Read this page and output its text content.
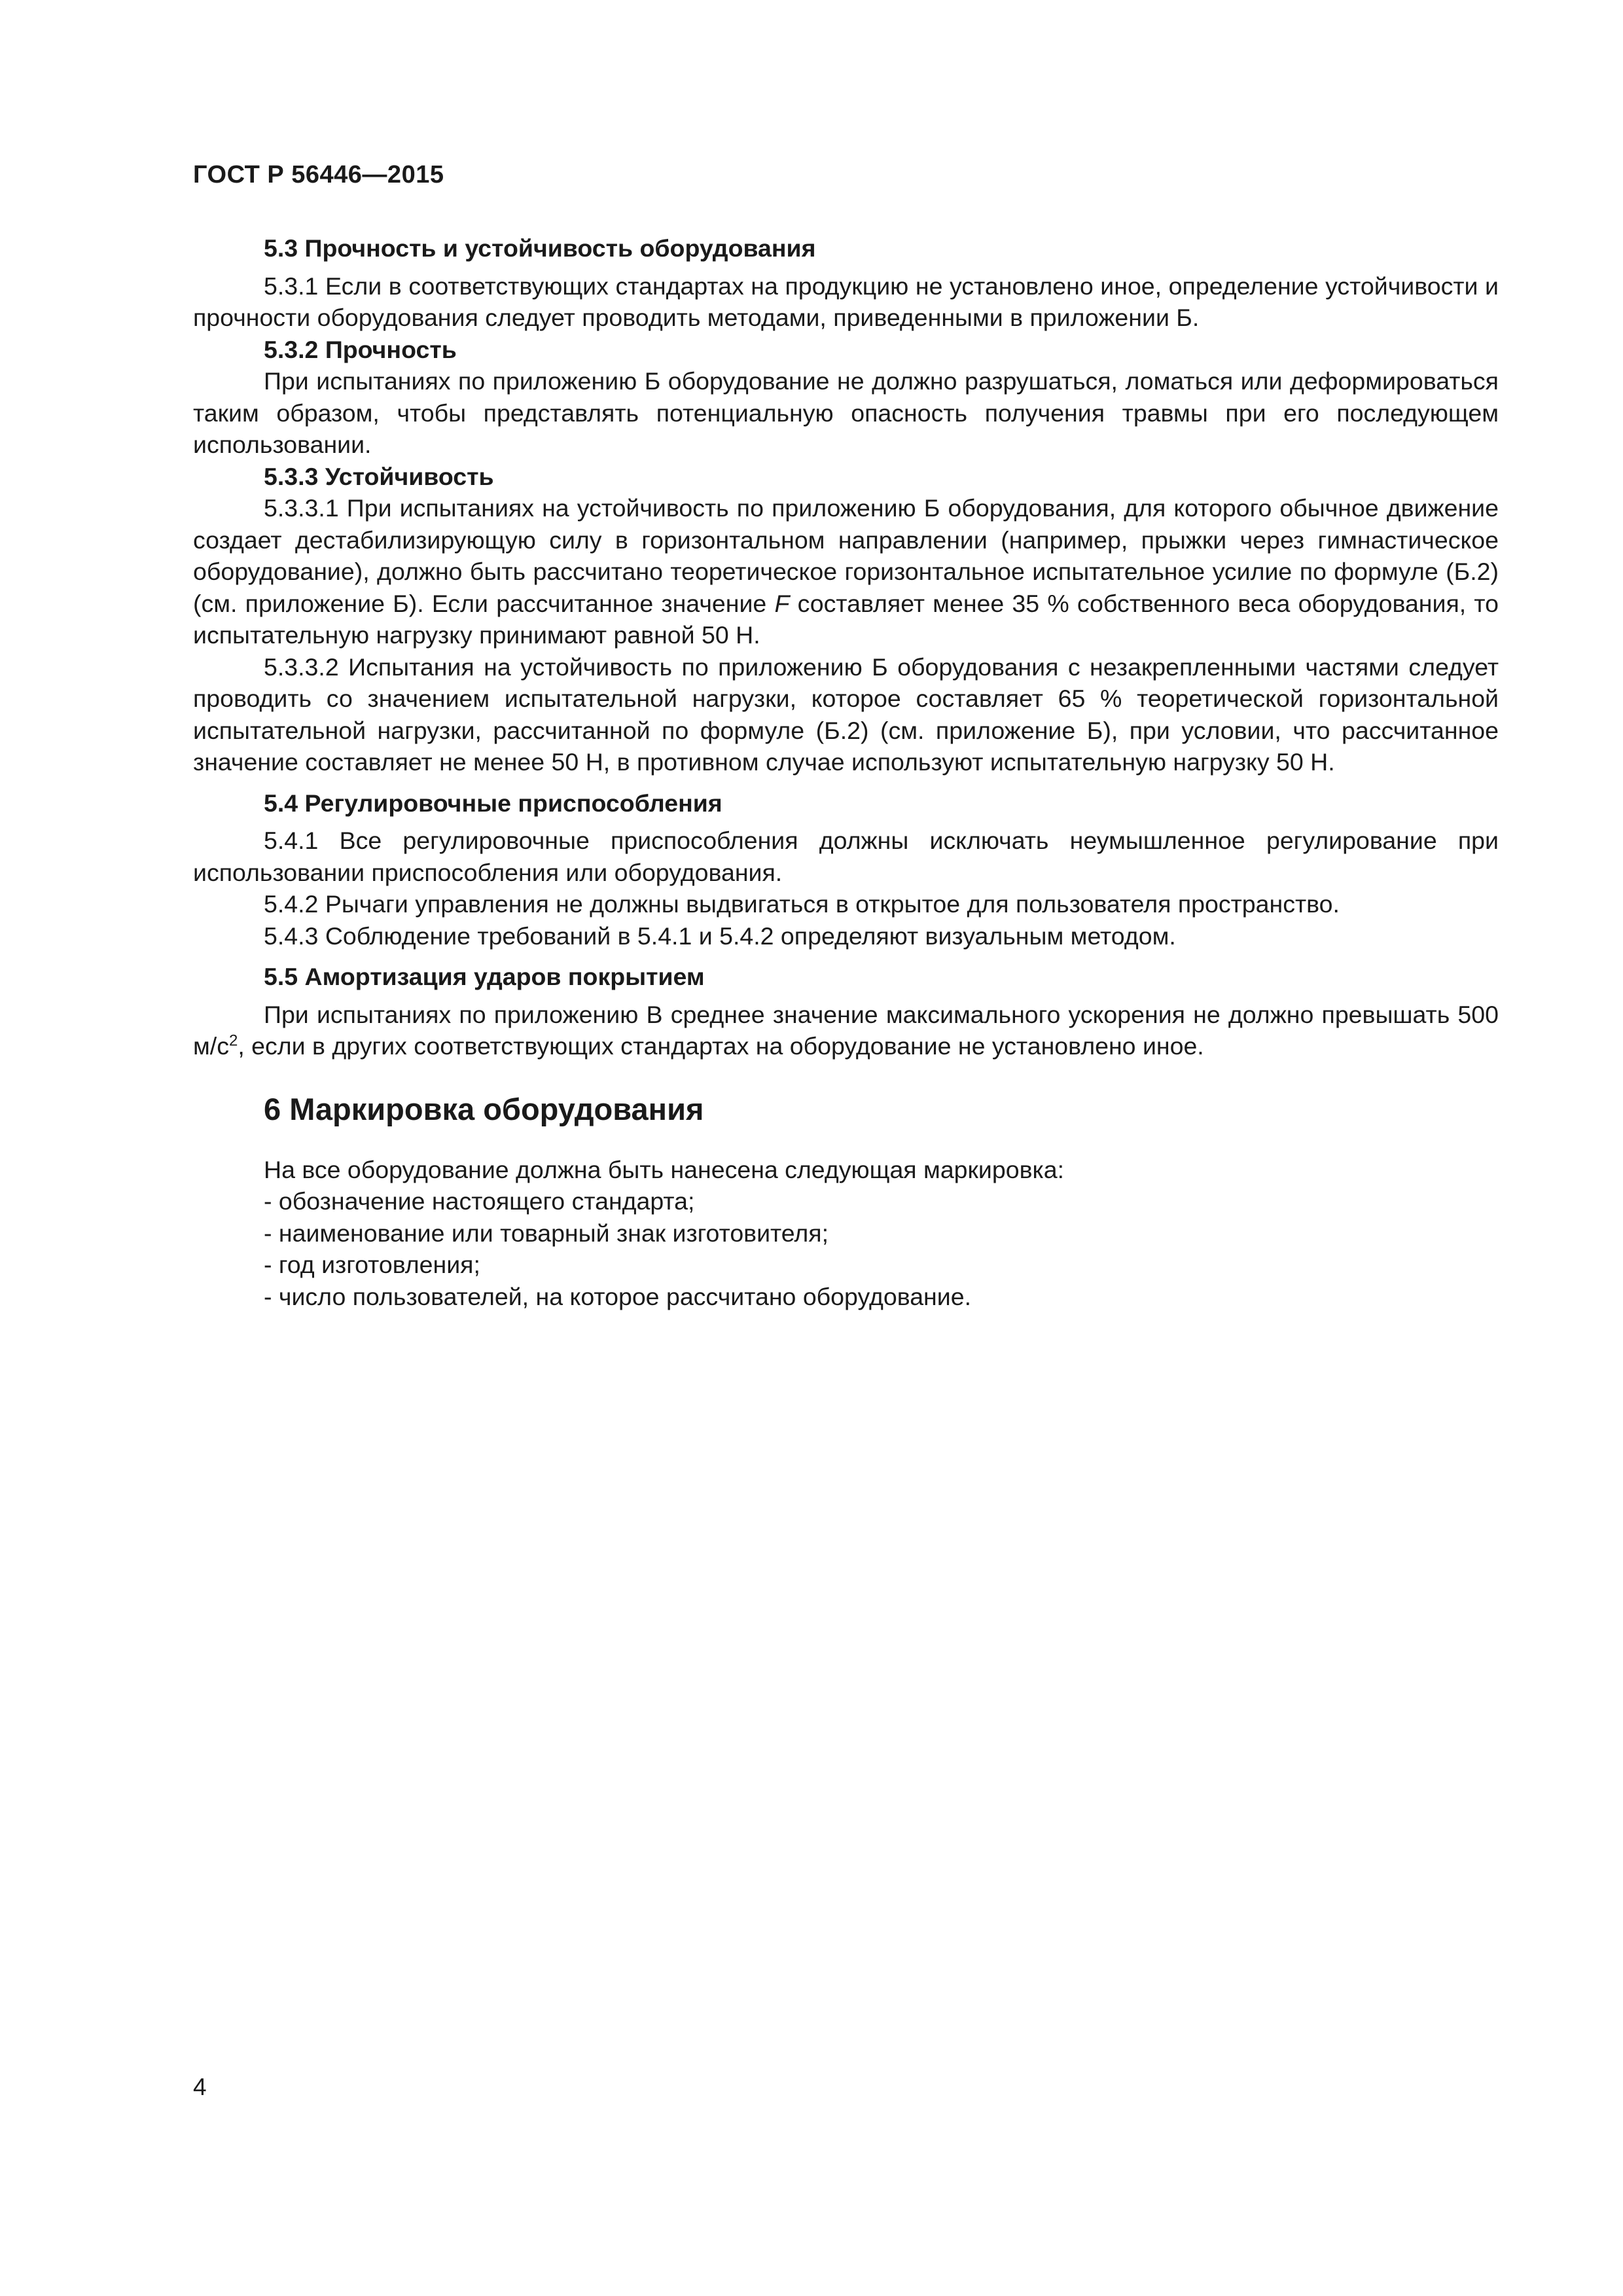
ГОСТ Р 56446—2015

5.3 Прочность и устойчивость оборудования

5.3.1 Если в соответствующих стандартах на продукцию не установлено иное, определение устойчивости и прочности оборудования следует проводить методами, приведенными в приложении Б.

5.3.2 Прочность

При испытаниях по приложению Б оборудование не должно разрушаться, ломаться или деформироваться таким образом, чтобы представлять потенциальную опасность получения травмы при его последующем использовании.

5.3.3 Устойчивость

5.3.3.1 При испытаниях на устойчивость по приложению Б оборудования, для которого обычное движение создает дестабилизирующую силу в горизонтальном направлении (например, прыжки через гимнастическое оборудование), должно быть рассчитано теоретическое горизонтальное испытательное усилие по формуле (Б.2) (см. приложение Б). Если рассчитанное значение F составляет менее 35 % собственного веса оборудования, то испытательную нагрузку принимают равной 50 Н.

5.3.3.2 Испытания на устойчивость по приложению Б оборудования с незакрепленными частями следует проводить со значением испытательной нагрузки, которое составляет 65 % теоретической горизонтальной испытательной нагрузки, рассчитанной по формуле (Б.2) (см. приложение Б), при условии, что рассчитанное значение составляет не менее 50 Н, в противном случае используют испытательную нагрузку 50 Н.

5.4 Регулировочные приспособления

5.4.1 Все регулировочные приспособления должны исключать неумышленное регулирование при использовании приспособления или оборудования.

5.4.2 Рычаги управления не должны выдвигаться в открытое для пользователя пространство.

5.4.3 Соблюдение требований в 5.4.1 и 5.4.2 определяют визуальным методом.

5.5 Амортизация ударов покрытием

При испытаниях по приложению В среднее значение максимального ускорения не должно превышать 500 $м/с^2$, если в других соответствующих стандартах на оборудование не установлено иное.

6 Маркировка оборудования

На все оборудование должна быть нанесена следующая маркировка:

- обозначение настоящего стандарта;

- наименование или товарный знак изготовителя;

- год изготовления;

- число пользователей, на которое рассчитано оборудование.

4
